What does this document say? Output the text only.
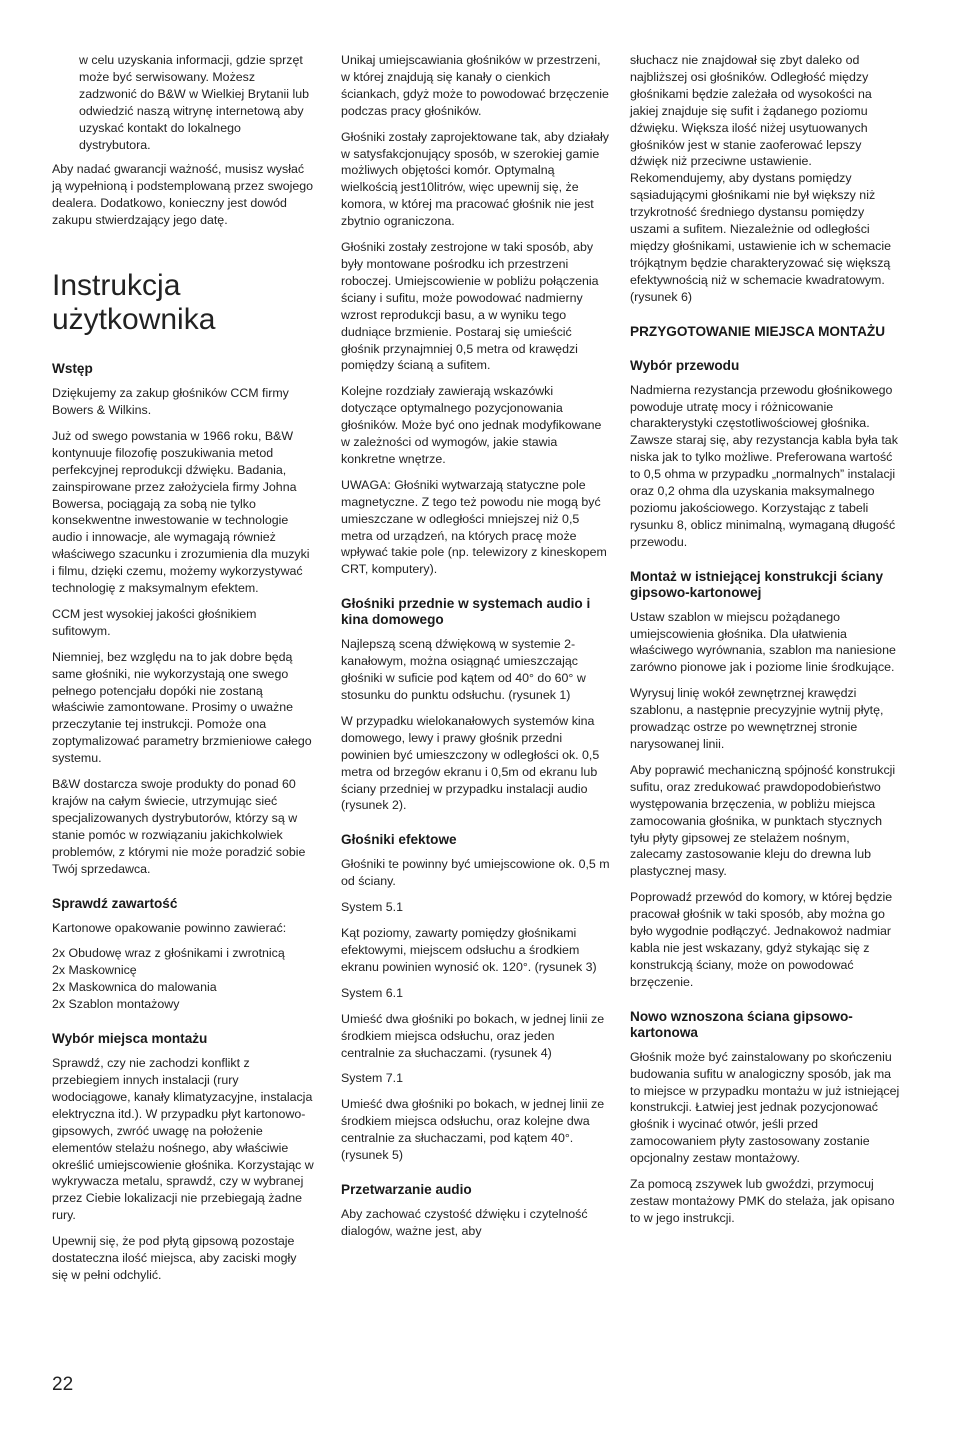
w celu uzyskania informacji, gdzie sprzęt może być serwisowany. Możesz zadzwonić do B&W w Wielkiej Brytanii lub odwiedzić naszą witrynę internetową aby uzyskać kontakt do lokalnego dystrybutora.

Aby nadać gwarancji ważność, musisz wysłać ją wypełnioną i podstemplowaną przez swojego dealera. Dodatkowo, konieczny jest dowód zakupu stwierdzający jego datę.

Instrukcja
użytkownika
Wstęp

Dziękujemy za zakup głośników CCM firmy Bowers & Wilkins.

Już od swego powstania w 1966 roku, B&W kontynuuje filozofię poszukiwania metod perfekcyjnej reprodukcji dźwięku. Badania, zainspirowane przez założyciela firmy Johna Bowersa, pociągają za sobą nie tylko konsekwentne inwestowanie w technologie audio i innowacje, ale wymagają również właściwego szacunku i zrozumienia dla muzyki i filmu, dzięki czemu, możemy wykorzystywać technologię z maksymalnym efektem.

CCM jest wysokiej jakości głośnikiem sufitowym.

Niemniej, bez względu na to jak dobre będą same głośniki, nie wykorzystają one swego pełnego potencjału dopóki nie zostaną właściwie zamontowane. Prosimy o uważne przeczytanie tej instrukcji. Pomoże ona zoptymalizować parametry brzmieniowe całego systemu.

B&W dostarcza swoje produkty do ponad 60 krajów na całym świecie, utrzymując sieć specjalizowanych dystrybutorów, którzy są w stanie pomóc w rozwiązaniu jakichkolwiek problemów, z którymi nie może poradzić sobie Twój sprzedawca.

Sprawdź zawartość

Kartonowe opakowanie powinno zawierać:

2x Obudowę wraz z głośnikami i zwrotnicą
2x Maskownicę
2x Maskownica do malowania
2x Szablon montażowy
Wybór miejsca montażu

Sprawdź, czy nie zachodzi konflikt z przebiegiem innych instalacji (rury wodociągowe, kanały klimatyzacyjne, instalacja elektryczna itd.). W przypadku płyt kartonowo-gipsowych, zwróć uwagę na położenie elementów stelażu nośnego, aby właściwie określić umiejscowienie głośnika. Korzystając w wykrywacza metalu, sprawdź, czy w wybranej przez Ciebie lokalizacji nie przebiegają żadne rury.

Upewnij się, że pod płytą gipsową pozostaje dostateczna ilość miejsca, aby zaciski mogły się w pełni odchylić.

Unikaj umiejscawiania głośników w przestrzeni, w której znajdują się kanały o cienkich ściankach, gdyż może to powodować brzęczenie podczas pracy głośników.

Głośniki zostały zaprojektowane tak, aby działały w satysfakcjonujący sposób, w szerokiej gamie możliwych objętości komór. Optymalną wielkością jest10litrów, więc upewnij się, że komora, w której ma pracować głośnik nie jest zbytnio ograniczona.

Głośniki zostały zestrojone w taki sposób, aby były montowane pośrodku ich przestrzeni roboczej. Umiejscowienie w pobliżu połączenia ściany i sufitu, może powodować nadmierny wzrost reprodukcji basu, a w wyniku tego dudniące brzmienie. Postaraj się umieścić głośnik przynajmniej 0,5 metra od krawędzi pomiędzy ścianą a sufitem.

Kolejne rozdziały zawierają wskazówki dotyczące optymalnego pozycjonowania głośników. Może być ono jednak modyfikowane w zależności od wymogów, jakie stawia konkretne wnętrze.

UWAGA: Głośniki wytwarzają statyczne pole magnetyczne. Z tego też powodu nie mogą być umieszczane w odległości mniejszej niż 0,5 metra od urządzeń, na których pracę może wpływać takie pole (np. telewizory z kineskopem CRT, komputery).

Głośniki przednie w systemach audio i kina domowego

Najlepszą sceną dźwiękową w systemie 2-kanałowym, można osiągnąć umieszczając głośniki w suficie pod kątem od 40° do 60° w stosunku do punktu odsłuchu. (rysunek 1)

W przypadku wielokanałowych systemów kina domowego, lewy i prawy głośnik przedni powinien być umieszczony w odległości ok. 0,5 metra od brzegów ekranu i 0,5m od ekranu lub ściany przedniej w przypadku instalacji audio (rysunek 2).

Głośniki efektowe

Głośniki te powinny być umiejscowione ok. 0,5 m od ściany.

System 5.1

Kąt poziomy, zawarty pomiędzy głośnikami efektowymi, miejscem odsłuchu a środkiem ekranu powinien wynosić ok. 120°. (rysunek 3)

System 6.1

Umieść dwa głośniki po bokach, w jednej linii ze środkiem miejsca odsłuchu, oraz jeden centralnie za słuchaczami. (rysunek 4)

System 7.1

Umieść dwa głośniki po bokach, w jednej linii ze środkiem miejsca odsłuchu, oraz kolejne dwa centralnie za słuchaczami, pod kątem 40°. (rysunek 5)

Przetwarzanie audio

Aby zachować czystość dźwięku i czytelność dialogów, ważne jest, aby

słuchacz nie znajdował się zbyt daleko od najbliższej osi głośników. Odległość między głośnikami będzie zależała od wysokości na jakiej znajduje się sufit i żądanego poziomu dźwięku. Większa ilość niżej usytuowanych głośników jest w stanie zaoferować lepszy dźwięk niż przeciwne ustawienie. Rekomendujemy, aby dystans pomiędzy sąsiadującymi głośnikami nie był większy niż trzykrotność średniego dystansu pomiędzy uszami a sufitem. Niezależnie od odległości między głośnikami, ustawienie ich w schemacie trójkątnym będzie charakteryzować się większą efektywnością niż w schemacie kwadratowym. (rysunek 6)

PRZYGOTOWANIE MIEJSCA MONTAŻU
Wybór przewodu

Nadmierna rezystancja przewodu głośnikowego powoduje utratę mocy i różnicowanie charakterystyki częstotliwościowej głośnika. Zawsze staraj się, aby rezystancja kabla była tak niska jak to tylko możliwe. Preferowana wartość to 0,5 ohma w przypadku „normalnych” instalacji oraz 0,2 ohma dla uzyskania maksymalnego poziomu jakościowego. Korzystając z tabeli rysunku 8, oblicz minimalną, wymaganą długość przewodu.

Montaż w istniejącej konstrukcji ściany gipsowo-kartonowej

Ustaw szablon w miejscu pożądanego umiejscowienia głośnika. Dla ułatwienia właściwego wyrównania, szablon ma naniesione zarówno pionowe jak i poziome linie środkujące.

Wyrysuj linię wokół zewnętrznej krawędzi szablonu, a następnie precyzyjnie wytnij płytę, prowadząc ostrze po wewnętrznej stronie narysowanej linii.

Aby poprawić mechaniczną spójność konstrukcji sufitu, oraz zredukować prawdopodobieństwo występowania brzęczenia, w pobliżu miejsca zamocowania głośnika, w punktach stycznych tyłu płyty gipsowej ze stelażem nośnym, zalecamy zastosowanie kleju do drewna lub plastycznej masy.

Poprowadź przewód do komory, w której będzie pracował głośnik w taki sposób, aby można go było wygodnie podłączyć. Jednakowoż nadmiar kabla nie jest wskazany, gdyż stykając się z konstrukcją ściany, może on powodować brzęczenie.

Nowo wznoszona ściana gipsowo-kartonowa

Głośnik może być zainstalowany po skończeniu budowania sufitu w analogiczny sposób, jak ma to miejsce w przypadku montażu w już istniejącej konstrukcji. Łatwiej jest jednak pozycjonować głośnik i wycinać otwór, jeśli przed zamocowaniem płyty zastosowany zostanie opcjonalny zestaw montażowy.

Za pomocą zszywek lub gwoździ, przymocuj zestaw montażowy PMK do stelaża, jak opisano to w jego instrukcji.

22
